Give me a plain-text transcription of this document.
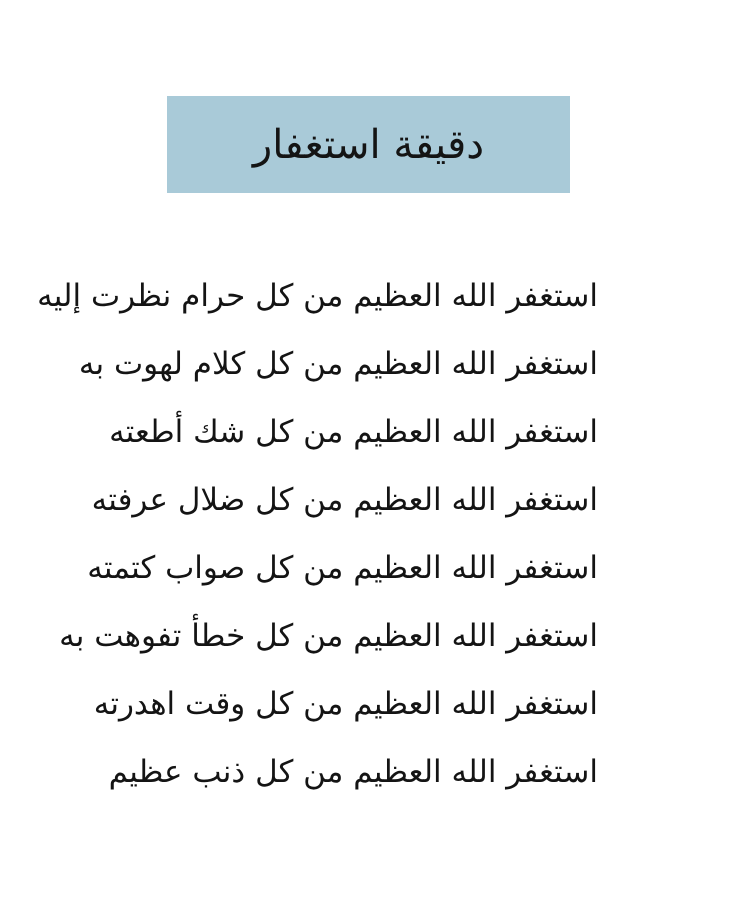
دقيقة استغفار
استغفر الله العظيم من كل حرام نظرت إليه
استغفر الله العظيم من كل كلام لهوت به
استغفر الله العظيم من كل شك أطعته
استغفر الله العظيم من كل ضلال عرفته
استغفر الله العظيم من كل صواب كتمته
استغفر الله العظيم من كل خطأ تفوهت به
استغفر الله العظيم من كل وقت اهدرته
استغفر الله العظيم من كل ذنب عظيم
